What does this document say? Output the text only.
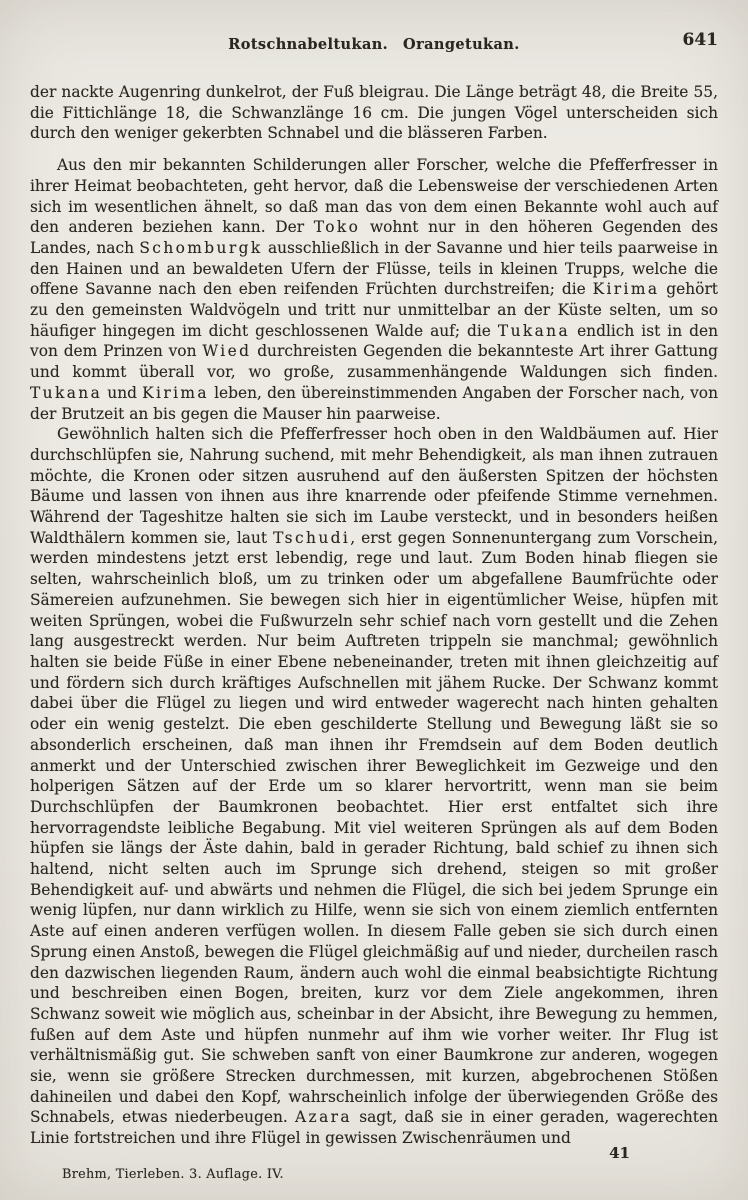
Rotschnabeltukan. Orangetukan.	641

der nackte Augenring dunkelrot, der Fuß bleigrau. Die Länge beträgt 48, die Breite 55, die Fittichlänge 18, die Schwanzlänge 16 cm. Die jungen Vögel unterscheiden sich durch den weniger gekerbten Schnabel und die blässeren Farben.

Aus den mir bekannten Schilderungen aller Forscher, welche die Pfefferfresser in ihrer Heimat beobachteten, geht hervor, daß die Lebensweise der verschiedenen Arten sich im wesentlichen ähnelt, so daß man das von dem einen Bekannte wohl auch auf den anderen beziehen kann. Der Toko wohnt nur in den höheren Gegenden des Landes, nach Schomburgk ausschließlich in der Savanne und hier teils paarweise in den Hainen und an bewaldeten Ufern der Flüsse, teils in kleinen Trupps, welche die offene Savanne nach den eben reifenden Früchten durchstreifen; die Kirima gehört zu den gemeinsten Waldvögeln und tritt nur unmittelbar an der Küste selten, um so häufiger hingegen im dicht geschlossenen Walde auf; die Tukana endlich ist in den von dem Prinzen von Wied durchreisten Gegenden die bekannteste Art ihrer Gattung und kommt überall vor, wo große, zusammenhängende Waldungen sich finden. Tukana und Kirima leben, den übereinstimmenden Angaben der Forscher nach, von der Brutzeit an bis gegen die Mauser hin paarweise.

Gewöhnlich halten sich die Pfefferfresser hoch oben in den Waldbäumen auf. Hier durchschlüpfen sie, Nahrung suchend, mit mehr Behendigkeit, als man ihnen zutrauen möchte, die Kronen oder sitzen ausruhend auf den äußersten Spitzen der höchsten Bäume und lassen von ihnen aus ihre knarrende oder pfeifende Stimme vernehmen. Während der Tageshitze halten sie sich im Laube versteckt, und in besonders heißen Waldthälern kommen sie, laut Tschudi, erst gegen Sonnenuntergang zum Vorschein, werden mindestens jetzt erst lebendig, rege und laut. Zum Boden hinab fliegen sie selten, wahrscheinlich bloß, um zu trinken oder um abgefallene Baumfrüchte oder Sämereien aufzunehmen. Sie bewegen sich hier in eigentümlicher Weise, hüpfen mit weiten Sprüngen, wobei die Fußwurzeln sehr schief nach vorn gestellt und die Zehen lang ausgestreckt werden. Nur beim Auftreten trippeln sie manchmal; gewöhnlich halten sie beide Füße in einer Ebene nebeneinander, treten mit ihnen gleichzeitig auf und fördern sich durch kräftiges Aufschnellen mit jähem Rucke. Der Schwanz kommt dabei über die Flügel zu liegen und wird entweder wagerecht nach hinten gehalten oder ein wenig gestelzt. Die eben geschilderte Stellung und Bewegung läßt sie so absonderlich erscheinen, daß man ihnen ihr Fremdsein auf dem Boden deutlich anmerkt und der Unterschied zwischen ihrer Beweglichkeit im Gezweige und den holperigen Sätzen auf der Erde um so klarer hervortritt, wenn man sie beim Durchschlüpfen der Baumkronen beobachtet. Hier erst entfaltet sich ihre hervorragendste leibliche Begabung. Mit viel weiteren Sprüngen als auf dem Boden hüpfen sie längs der Äste dahin, bald in gerader Richtung, bald schief zu ihnen sich haltend, nicht selten auch im Sprunge sich drehend, steigen so mit großer Behendigkeit auf- und abwärts und nehmen die Flügel, die sich bei jedem Sprunge ein wenig lüpfen, nur dann wirklich zu Hilfe, wenn sie sich von einem ziemlich entfernten Aste auf einen anderen verfügen wollen. In diesem Falle geben sie sich durch einen Sprung einen Anstoß, bewegen die Flügel gleichmäßig auf und nieder, durcheilen rasch den dazwischen liegenden Raum, ändern auch wohl die einmal beabsichtigte Richtung und beschreiben einen Bogen, breiten, kurz vor dem Ziele angekommen, ihren Schwanz soweit wie möglich aus, scheinbar in der Absicht, ihre Bewegung zu hemmen, fußen auf dem Aste und hüpfen nunmehr auf ihm wie vorher weiter. Ihr Flug ist verhältnismäßig gut. Sie schweben sanft von einer Baumkrone zur anderen, wogegen sie, wenn sie größere Strecken durchmessen, mit kurzen, abgebrochenen Stößen dahineilen und dabei den Kopf, wahrscheinlich infolge der überwiegenden Größe des Schnabels, etwas niederbeugen. Azara sagt, daß sie in einer geraden, wagerechten Linie fortstreichen und ihre Flügel in gewissen Zwischenräumen und

Brehm, Tierleben. 3. Auflage. IV.
41
